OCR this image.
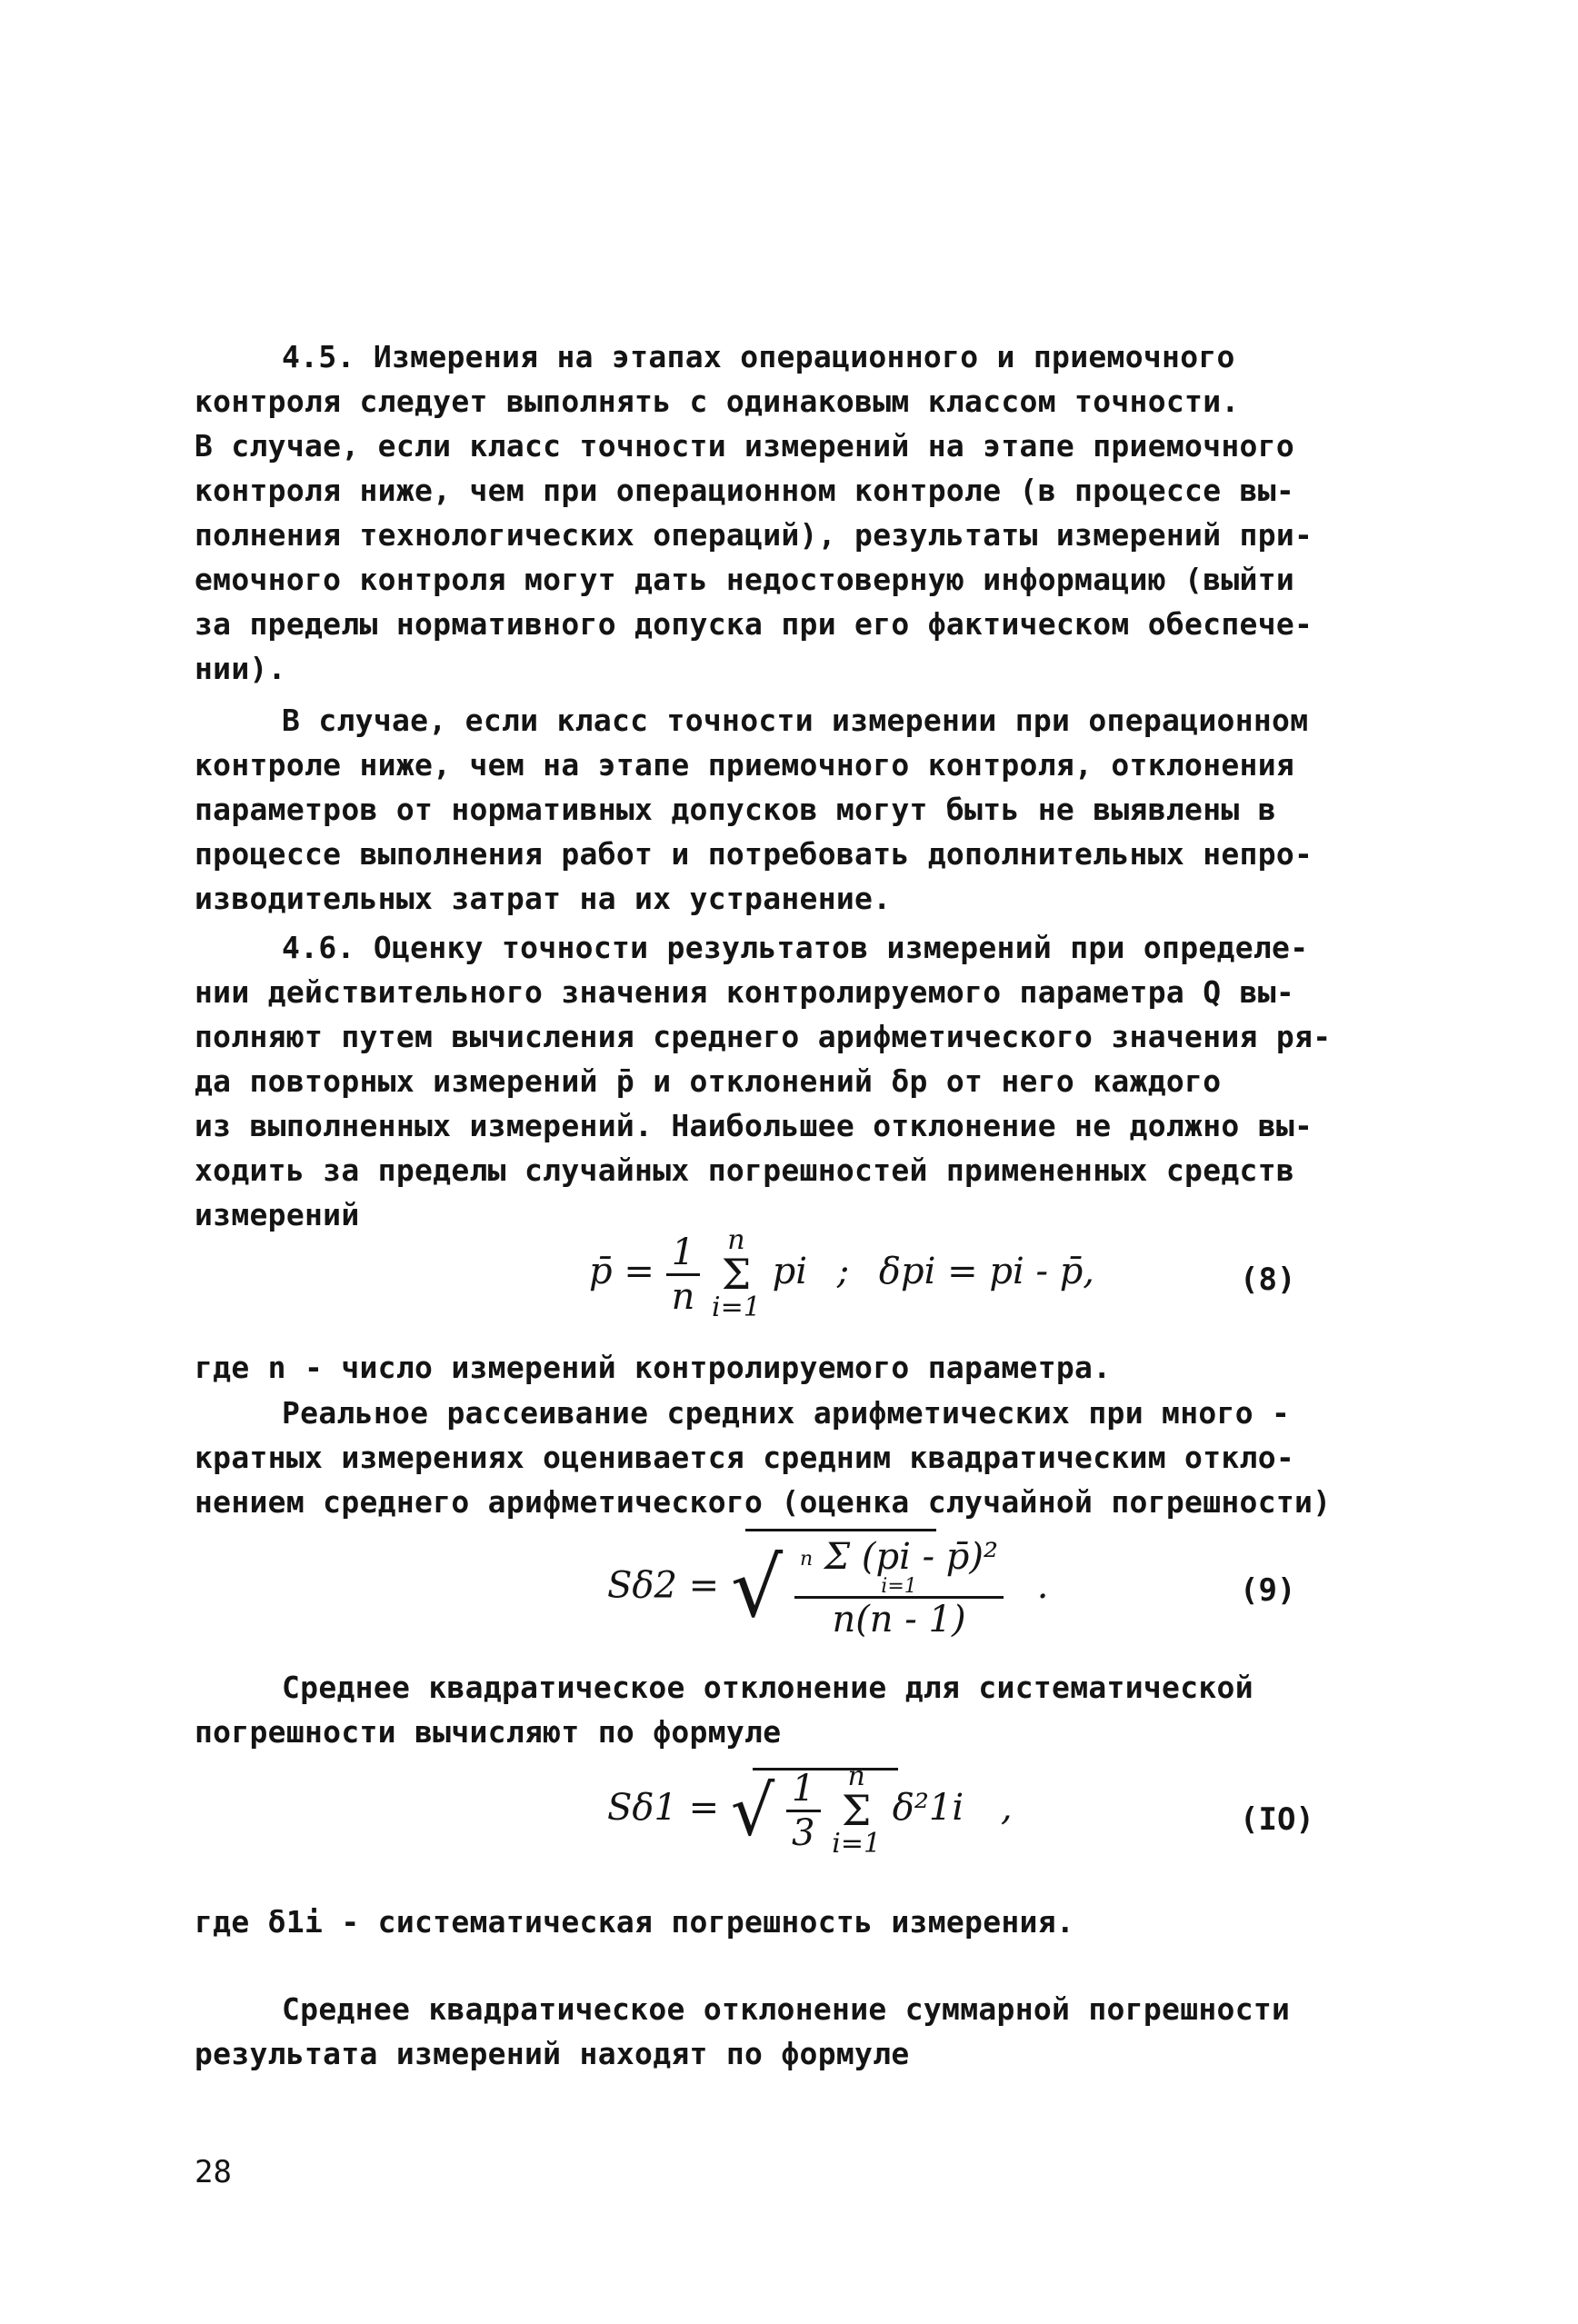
4.5. Измерения на этапах операционного и приемочного
контроля следует выполнять с одинаковым классом точности.
В случае, если класс точности измерений на этапе приемочного
контроля ниже, чем при операционном контроле (в процессе вы-
полнения технологических операций), результаты измерений при-
емочного контроля могут дать недостоверную информацию (выйти
за пределы нормативного допуска при его фактическом обеспече-
нии).
В случае, если класс точности измерении при операционном
контроле ниже, чем на этапе приемочного контроля, отклонения
параметров от нормативных допусков могут быть не выявлены в
процессе выполнения работ и потребовать дополнительных непро-
изводительных затрат на их устранение.
4.6. Оценку точности результатов измерений при определе-
нии действительного значения контролируемого параметра Q вы-
полняют путем вычисления среднего арифметического значения ря-
да повторных измерений p̄ и отклонений δp от него каждого
из выполненных измерений. Наибольшее отклонение не должно вы-
ходить за пределы случайных погрешностей примененных средств
измерений
p̄ = $\frac{1}{n}$ n
Σ
i=1 pi ; δpi = pi - p̄,	(8)
где n - число измерений контролируемого параметра.
Реальное рассеивание средних арифметических при много -
кратных измерениях оценивается средним квадратическим откло-
нением среднего арифметического (оценка случайной погрешности)
Sδ2 = √ n Σ (pi - p̄)²
i=1
n(n - 1) .	(9)
Среднее квадратическое отклонение для систематической
погрешности вычисляют по формуле
Sδ1 = √ $\frac{1}{3}$ n
Σ
i=1 δ²1i ,	(IO)
где δ1i - систематическая погрешность измерения.
Среднее квадратическое отклонение суммарной погрешности
результата измерений находят по формуле
28
